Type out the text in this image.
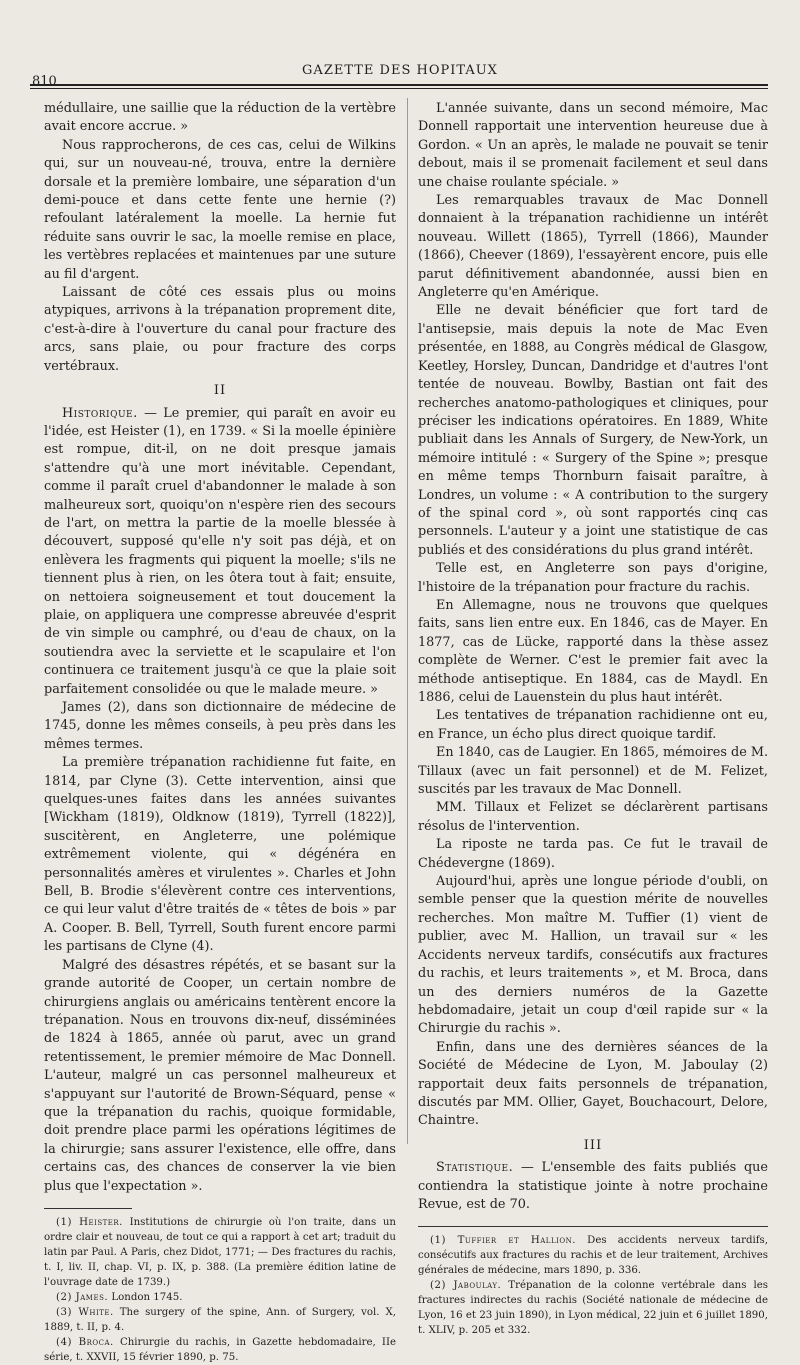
810
GAZETTE DES HOPITAUX

médullaire, une saillie que la réduction de la vertèbre avait encore accrue. »

Nous rapprocherons, de ces cas, celui de Wilkins qui, sur un nouveau-né, trouva, entre la dernière dorsale et la première lombaire, une séparation d'un demi-pouce et dans cette fente une hernie (?) refoulant latéralement la moelle. La hernie fut réduite sans ouvrir le sac, la moelle remise en place, les vertèbres replacées et maintenues par une suture au fil d'argent.

Laissant de côté ces essais plus ou moins atypiques, arrivons à la trépanation proprement dite, c'est-à-dire à l'ouverture du canal pour fracture des arcs, sans plaie, ou pour fracture des corps vertébraux.

II

Historique. — Le premier, qui paraît en avoir eu l'idée, est Heister (1), en 1739. « Si la moelle épinière est rompue, dit-il, on ne doit presque jamais s'attendre qu'à une mort inévitable. Cependant, comme il paraît cruel d'abandonner le malade à son malheureux sort, quoiqu'on n'espère rien des secours de l'art, on mettra la partie de la moelle blessée à découvert, supposé qu'elle n'y soit pas déjà, et on enlèvera les fragments qui piquent la moelle; s'ils ne tiennent plus à rien, on les ôtera tout à fait; ensuite, on nettoiera soigneusement et tout doucement la plaie, on appliquera une compresse abreuvée d'esprit de vin simple ou camphré, ou d'eau de chaux, on la soutiendra avec la serviette et le scapulaire et l'on continuera ce traitement jusqu'à ce que la plaie soit parfaitement consolidée ou que le malade meure. »

James (2), dans son dictionnaire de médecine de 1745, donne les mêmes conseils, à peu près dans les mêmes termes.

La première trépanation rachidienne fut faite, en 1814, par Clyne (3). Cette intervention, ainsi que quelques-unes faites dans les années suivantes [Wickham (1819), Oldknow (1819), Tyrrell (1822)], suscitèrent, en Angleterre, une polémique extrêmement violente, qui « dégénéra en personnalités amères et virulentes ». Charles et John Bell, B. Brodie s'élevèrent contre ces interventions, ce qui leur valut d'être traités de « têtes de bois » par A. Cooper. B. Bell, Tyrrell, South furent encore parmi les partisans de Clyne (4).

Malgré des désastres répétés, et se basant sur la grande autorité de Cooper, un certain nombre de chirurgiens anglais ou américains tentèrent encore la trépanation. Nous en trouvons dix-neuf, disséminées de 1824 à 1865, année où parut, avec un grand retentissement, le premier mémoire de Mac Donnell. L'auteur, malgré un cas personnel malheureux et s'appuyant sur l'autorité de Brown-Séquard, pense « que la trépanation du rachis, quoique formidable, doit prendre place parmi les opérations légitimes de la chirurgie; sans assurer l'existence, elle offre, dans certains cas, des chances de conserver la vie bien plus que l'expectation ».

(1) Heister. Institutions de chirurgie où l'on traite, dans un ordre clair et nouveau, de tout ce qui a rapport à cet art; traduit du latin par Paul. A Paris, chez Didot, 1771; — Des fractures du rachis, t. I, liv. II, chap. VI, p. IX, p. 388. (La première édition latine de l'ouvrage date de 1739.)

(2) James. London 1745.

(3) White. The surgery of the spine, Ann. of Surgery, vol. X, 1889, t. II, p. 4.

(4) Broca. Chirurgie du rachis, in Gazette hebdomadaire, IIe série, t. XXVII, 15 février 1890, p. 75.

L'année suivante, dans un second mémoire, Mac Donnell rapportait une intervention heureuse due à Gordon. « Un an après, le malade ne pouvait se tenir debout, mais il se promenait facilement et seul dans une chaise roulante spéciale. »

Les remarquables travaux de Mac Donnell donnaient à la trépanation rachidienne un intérêt nouveau. Willett (1865), Tyrrell (1866), Maunder (1866), Cheever (1869), l'essayèrent encore, puis elle parut définitivement abandonnée, aussi bien en Angleterre qu'en Amérique.

Elle ne devait bénéficier que fort tard de l'antisepsie, mais depuis la note de Mac Even présentée, en 1888, au Congrès médical de Glasgow, Keetley, Horsley, Duncan, Dandridge et d'autres l'ont tentée de nouveau. Bowlby, Bastian ont fait des recherches anatomo-pathologiques et cliniques, pour préciser les indications opératoires. En 1889, White publiait dans les Annals of Surgery, de New-York, un mémoire intitulé : « Surgery of the Spine »; presque en même temps Thornburn faisait paraître, à Londres, un volume : « A contribution to the surgery of the spinal cord », où sont rapportés cinq cas personnels. L'auteur y a joint une statistique de cas publiés et des considérations du plus grand intérêt.

Telle est, en Angleterre son pays d'origine, l'histoire de la trépanation pour fracture du rachis.

En Allemagne, nous ne trouvons que quelques faits, sans lien entre eux. En 1846, cas de Mayer. En 1877, cas de Lücke, rapporté dans la thèse assez complète de Werner. C'est le premier fait avec la méthode antiseptique. En 1884, cas de Maydl. En 1886, celui de Lauenstein du plus haut intérêt.

Les tentatives de trépanation rachidienne ont eu, en France, un écho plus direct quoique tardif.

En 1840, cas de Laugier. En 1865, mémoires de M. Tillaux (avec un fait personnel) et de M. Felizet, suscités par les travaux de Mac Donnell.

MM. Tillaux et Felizet se déclarèrent partisans résolus de l'intervention.

La riposte ne tarda pas. Ce fut le travail de Chédevergne (1869).

Aujourd'hui, après une longue période d'oubli, on semble penser que la question mérite de nouvelles recherches. Mon maître M. Tuffier (1) vient de publier, avec M. Hallion, un travail sur « les Accidents nerveux tardifs, consécutifs aux fractures du rachis, et leurs traitements », et M. Broca, dans un des derniers numéros de la Gazette hebdomadaire, jetait un coup d'œil rapide sur « la Chirurgie du rachis ».

Enfin, dans une des dernières séances de la Société de Médecine de Lyon, M. Jaboulay (2) rapportait deux faits personnels de trépanation, discutés par MM. Ollier, Gayet, Bouchacourt, Delore, Chaintre.

III

Statistique. — L'ensemble des faits publiés que contiendra la statistique jointe à notre prochaine Revue, est de 70.

(1) Tuffier et Hallion. Des accidents nerveux tardifs, consécutifs aux fractures du rachis et de leur traitement, Archives générales de médecine, mars 1890, p. 336.

(2) Jaboulay. Trépanation de la colonne vertébrale dans les fractures indirectes du rachis (Société nationale de médecine de Lyon, 16 et 23 juin 1890), in Lyon médical, 22 juin et 6 juillet 1890, t. XLIV, p. 205 et 332.
